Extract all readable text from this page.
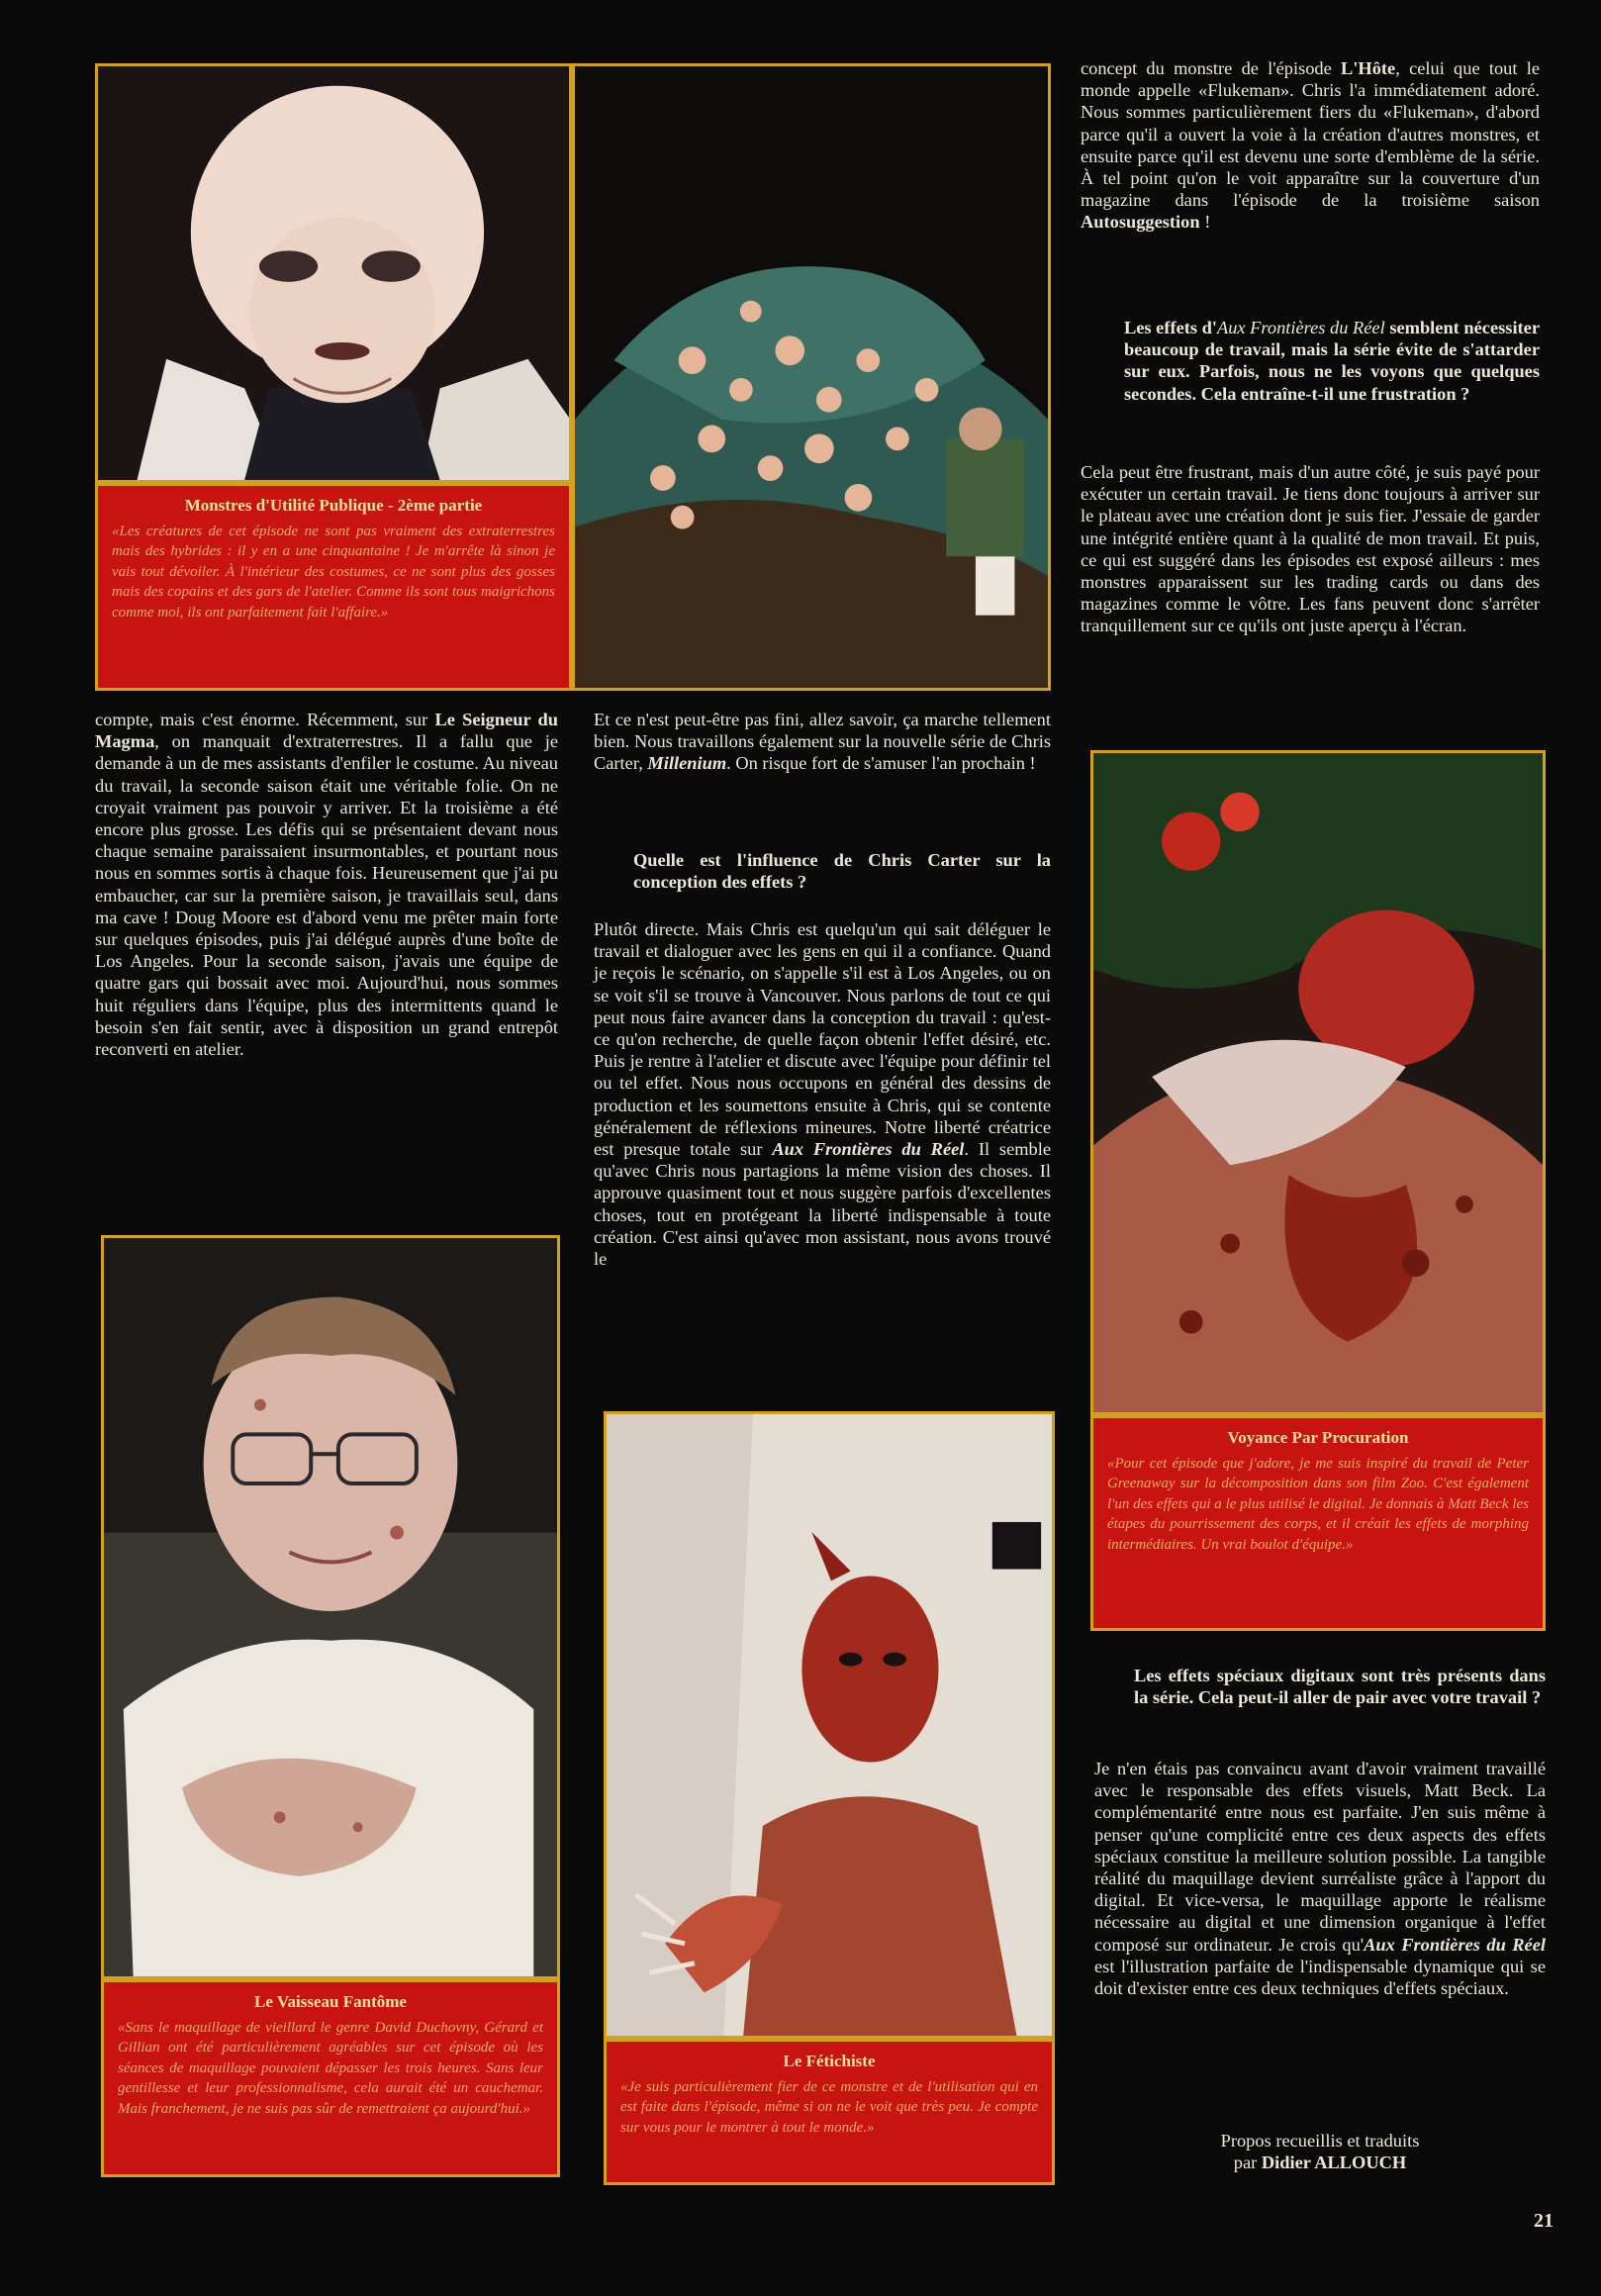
Monstres d'Utilité Publique - 2ème partie
«Les créatures de cet épisode ne sont pas vraiment des extraterrestres mais des hybrides : il y en a une cinquantaine ! Je m'arrête là sinon je vais tout dévoiler. À l'intérieur des costumes, ce ne sont plus des gosses mais des copains et des gars de l'atelier. Comme ils sont tous maigrichons comme moi, ils ont parfaitement fait l'affaire.»
concept du monstre de l'épisode L'Hôte, celui que tout le monde appelle «Flukeman». Chris l'a immédiatement adoré. Nous sommes particulièrement fiers du «Flukeman», d'abord parce qu'il a ouvert la voie à la création d'autres monstres, et ensuite parce qu'il est devenu une sorte d'emblème de la série. À tel point qu'on le voit apparaître sur la couverture d'un magazine dans l'épisode de la troisième saison Autosuggestion !
Les effets d'Aux Frontières du Réel semblent nécessiter beaucoup de travail, mais la série évite de s'attarder sur eux. Parfois, nous ne les voyons que quelques secondes. Cela entraîne-t-il une frustration ?

Cela peut être frustrant, mais d'un autre côté, je suis payé pour exécuter un certain travail. Je tiens donc toujours à arriver sur le plateau avec une création dont je suis fier. J'essaie de garder une intégrité entière quant à la qualité de mon travail. Et puis, ce qui est suggéré dans les épisodes est exposé ailleurs : mes monstres apparaissent sur les trading cards ou dans des magazines comme le vôtre. Les fans peuvent donc s'arrêter tranquillement sur ce qu'ils ont juste aperçu à l'écran.

Voyance Par Procuration
«Pour cet épisode que j'adore, je me suis inspiré du travail de Peter Greenaway sur la décomposition dans son film Zoo. C'est également l'un des effets qui a le plus utilisé le digital. Je donnais à Matt Beck les étapes du pourrissement des corps, et il créait les effets de morphing intermédiaires. Un vrai boulot d'équipe.»
compte, mais c'est énorme. Récemment, sur Le Seigneur du Magma, on manquait d'extraterrestres. Il a fallu que je demande à un de mes assistants d'enfiler le costume. Au niveau du travail, la seconde saison était une véritable folie. On ne croyait vraiment pas pouvoir y arriver. Et la troisième a été encore plus grosse. Les défis qui se présentaient devant nous chaque semaine paraissaient insurmontables, et pourtant nous nous en sommes sortis à chaque fois. Heureusement que j'ai pu embaucher, car sur la première saison, je travaillais seul, dans ma cave ! Doug Moore est d'abord venu me prêter main forte sur quelques épisodes, puis j'ai délégué auprès d'une boîte de Los Angeles. Pour la seconde saison, j'avais une équipe de quatre gars qui bossait avec moi. Aujourd'hui, nous sommes huit réguliers dans l'équipe, plus des intermittents quand le besoin s'en fait sentir, avec à disposition un grand entrepôt reconverti en atelier.
Et ce n'est peut-être pas fini, allez savoir, ça marche tellement bien. Nous travaillons également sur la nouvelle série de Chris Carter, Millenium. On risque fort de s'amuser l'an prochain !
Quelle est l'influence de Chris Carter sur la conception des effets ?
Plutôt directe. Mais Chris est quelqu'un qui sait déléguer le travail et dialoguer avec les gens en qui il a confiance. Quand je reçois le scénario, on s'appelle s'il est à Los Angeles, ou on se voit s'il se trouve à Vancouver. Nous parlons de tout ce qui peut nous faire avancer dans la conception du travail : qu'est-ce qu'on recherche, de quelle façon obtenir l'effet désiré, etc. Puis je rentre à l'atelier et discute avec l'équipe pour définir tel ou tel effet. Nous nous occupons en général des dessins de production et les soumettons ensuite à Chris, qui se contente généralement de réflexions mineures. Notre liberté créatrice est presque totale sur Aux Frontières du Réel. Il semble qu'avec Chris nous partagions la même vision des choses. Il approuve quasiment tout et nous suggère parfois d'excellentes choses, tout en protégeant la liberté indispensable à toute création. C'est ainsi qu'avec mon assistant, nous avons trouvé le
Le Vaisseau Fantôme
«Sans le maquillage de vieillard le genre David Duchovny, Gérard et Gillian ont été particulièrement agréables sur cet épisode où les séances de maquillage pouvaient dépasser les trois heures. Sans leur gentillesse et leur professionnalisme, cela aurait été un cauchemar. Mais franchement, je ne suis pas sûr de remettraient ça aujourd'hui.»
Le Fétichiste
«Je suis particulièrement fier de ce monstre et de l'utilisation qui en est faite dans l'épisode, même si on ne le voit que très peu. Je compte sur vous pour le montrer à tout le monde.»
Les effets spéciaux digitaux sont très présents dans la série. Cela peut-il aller de pair avec votre travail ?
Je n'en étais pas convaincu avant d'avoir vraiment travaillé avec le responsable des effets visuels, Matt Beck. La complémentarité entre nous est parfaite. J'en suis même à penser qu'une complicité entre ces deux aspects des effets spéciaux constitue la meilleure solution possible. La tangible réalité du maquillage devient surréaliste grâce à l'apport du digital. Et vice-versa, le maquillage apporte le réalisme nécessaire au digital et une dimension organique à l'effet composé sur ordinateur. Je crois qu'Aux Frontières du Réel est l'illustration parfaite de l'indispensable dynamique qui se doit d'exister entre ces deux techniques d'effets spéciaux.
Propos recueillis et traduits
par Didier ALLOUCH
21
